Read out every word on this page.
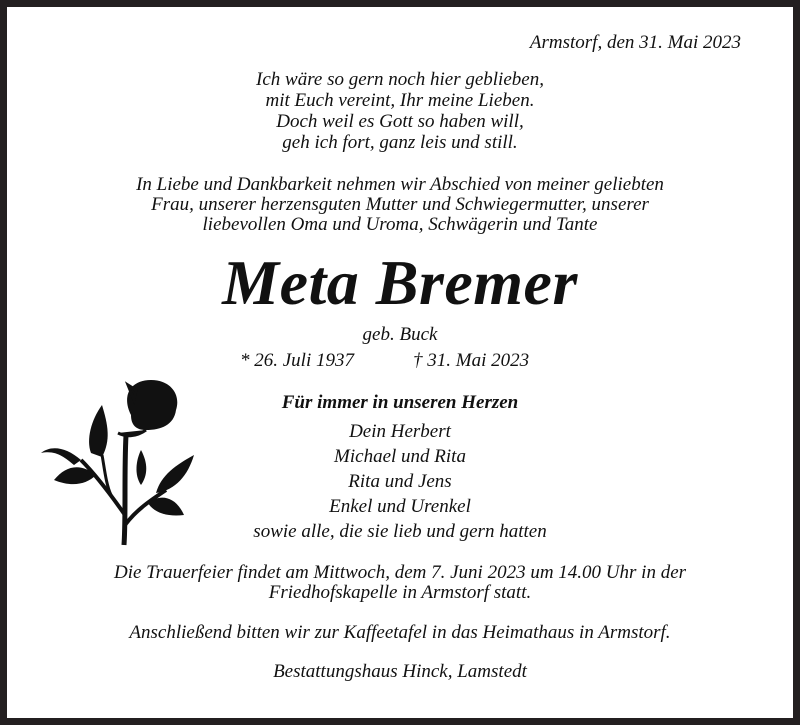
Armstorf, den 31. Mai 2023
Ich wäre so gern noch hier geblieben,
mit Euch vereint, Ihr meine Lieben.
Doch weil es Gott so haben will,
geh ich fort, ganz leis und still.
In Liebe und Dankbarkeit nehmen wir Abschied von meiner geliebten
Frau, unserer herzensguten Mutter und Schwiegermutter, unserer
liebevollen Oma und Uroma, Schwägerin und Tante
Meta Bremer
geb. Buck
* 26. Juli 1937	† 31. Mai 2023
Für immer in unseren Herzen
Dein Herbert
Michael und Rita
Rita und Jens
Enkel und Urenkel
sowie alle, die sie lieb und gern hatten
Die Trauerfeier findet am Mittwoch, dem 7. Juni 2023 um 14.00 Uhr in der
Friedhofskapelle in Armstorf statt.
Anschließend bitten wir zur Kaffeetafel in das Heimathaus in Armstorf.
Bestattungshaus Hinck, Lamstedt
